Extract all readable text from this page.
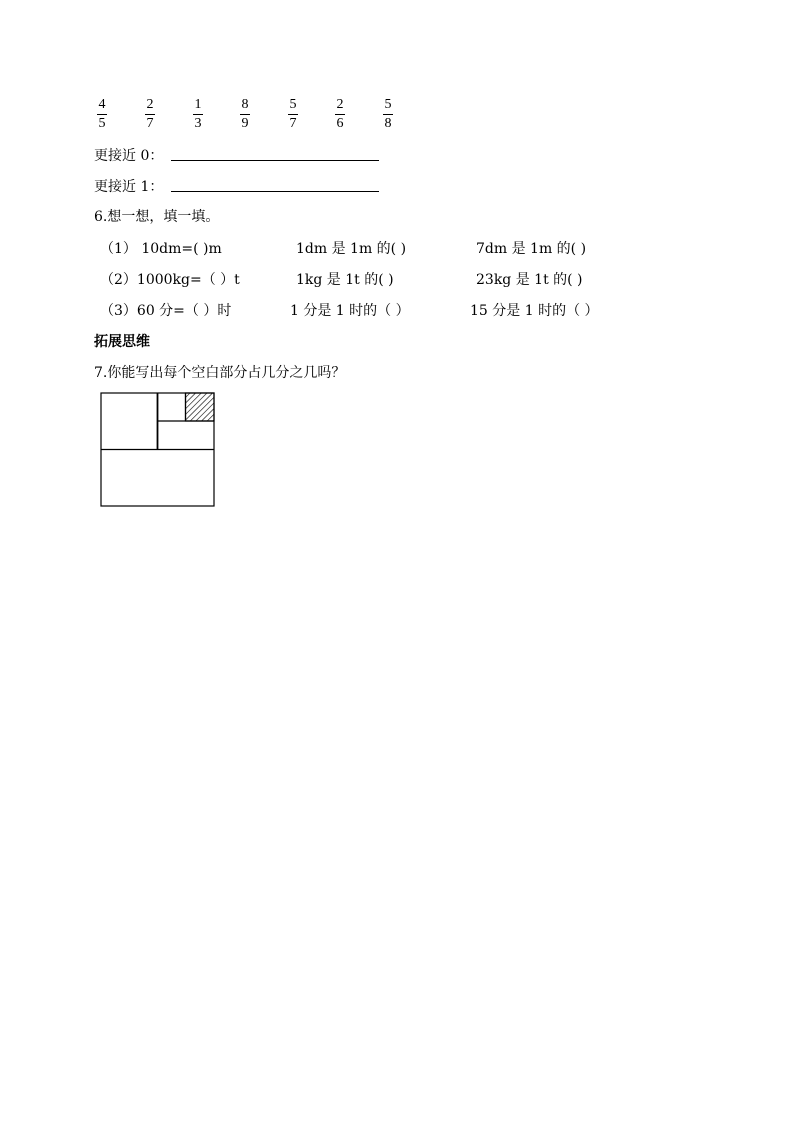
4
5
2
7
1
3
8
9
5
7
2
6
5
8
更接近 0：
更接近 1：
6.想一想，填一填。
（1） 10dm=( )m	1dm 是 1m 的( )	7dm 是 1m 的( )
（2）1000kg=（ ）t	1kg 是 1t 的( )	23kg 是 1t 的( )
（3）60 分=（ ）时	1 分是 1 时的（ ）	15 分是 1 时的（ ）
拓展思维
7.你能写出每个空白部分占几分之几吗？
